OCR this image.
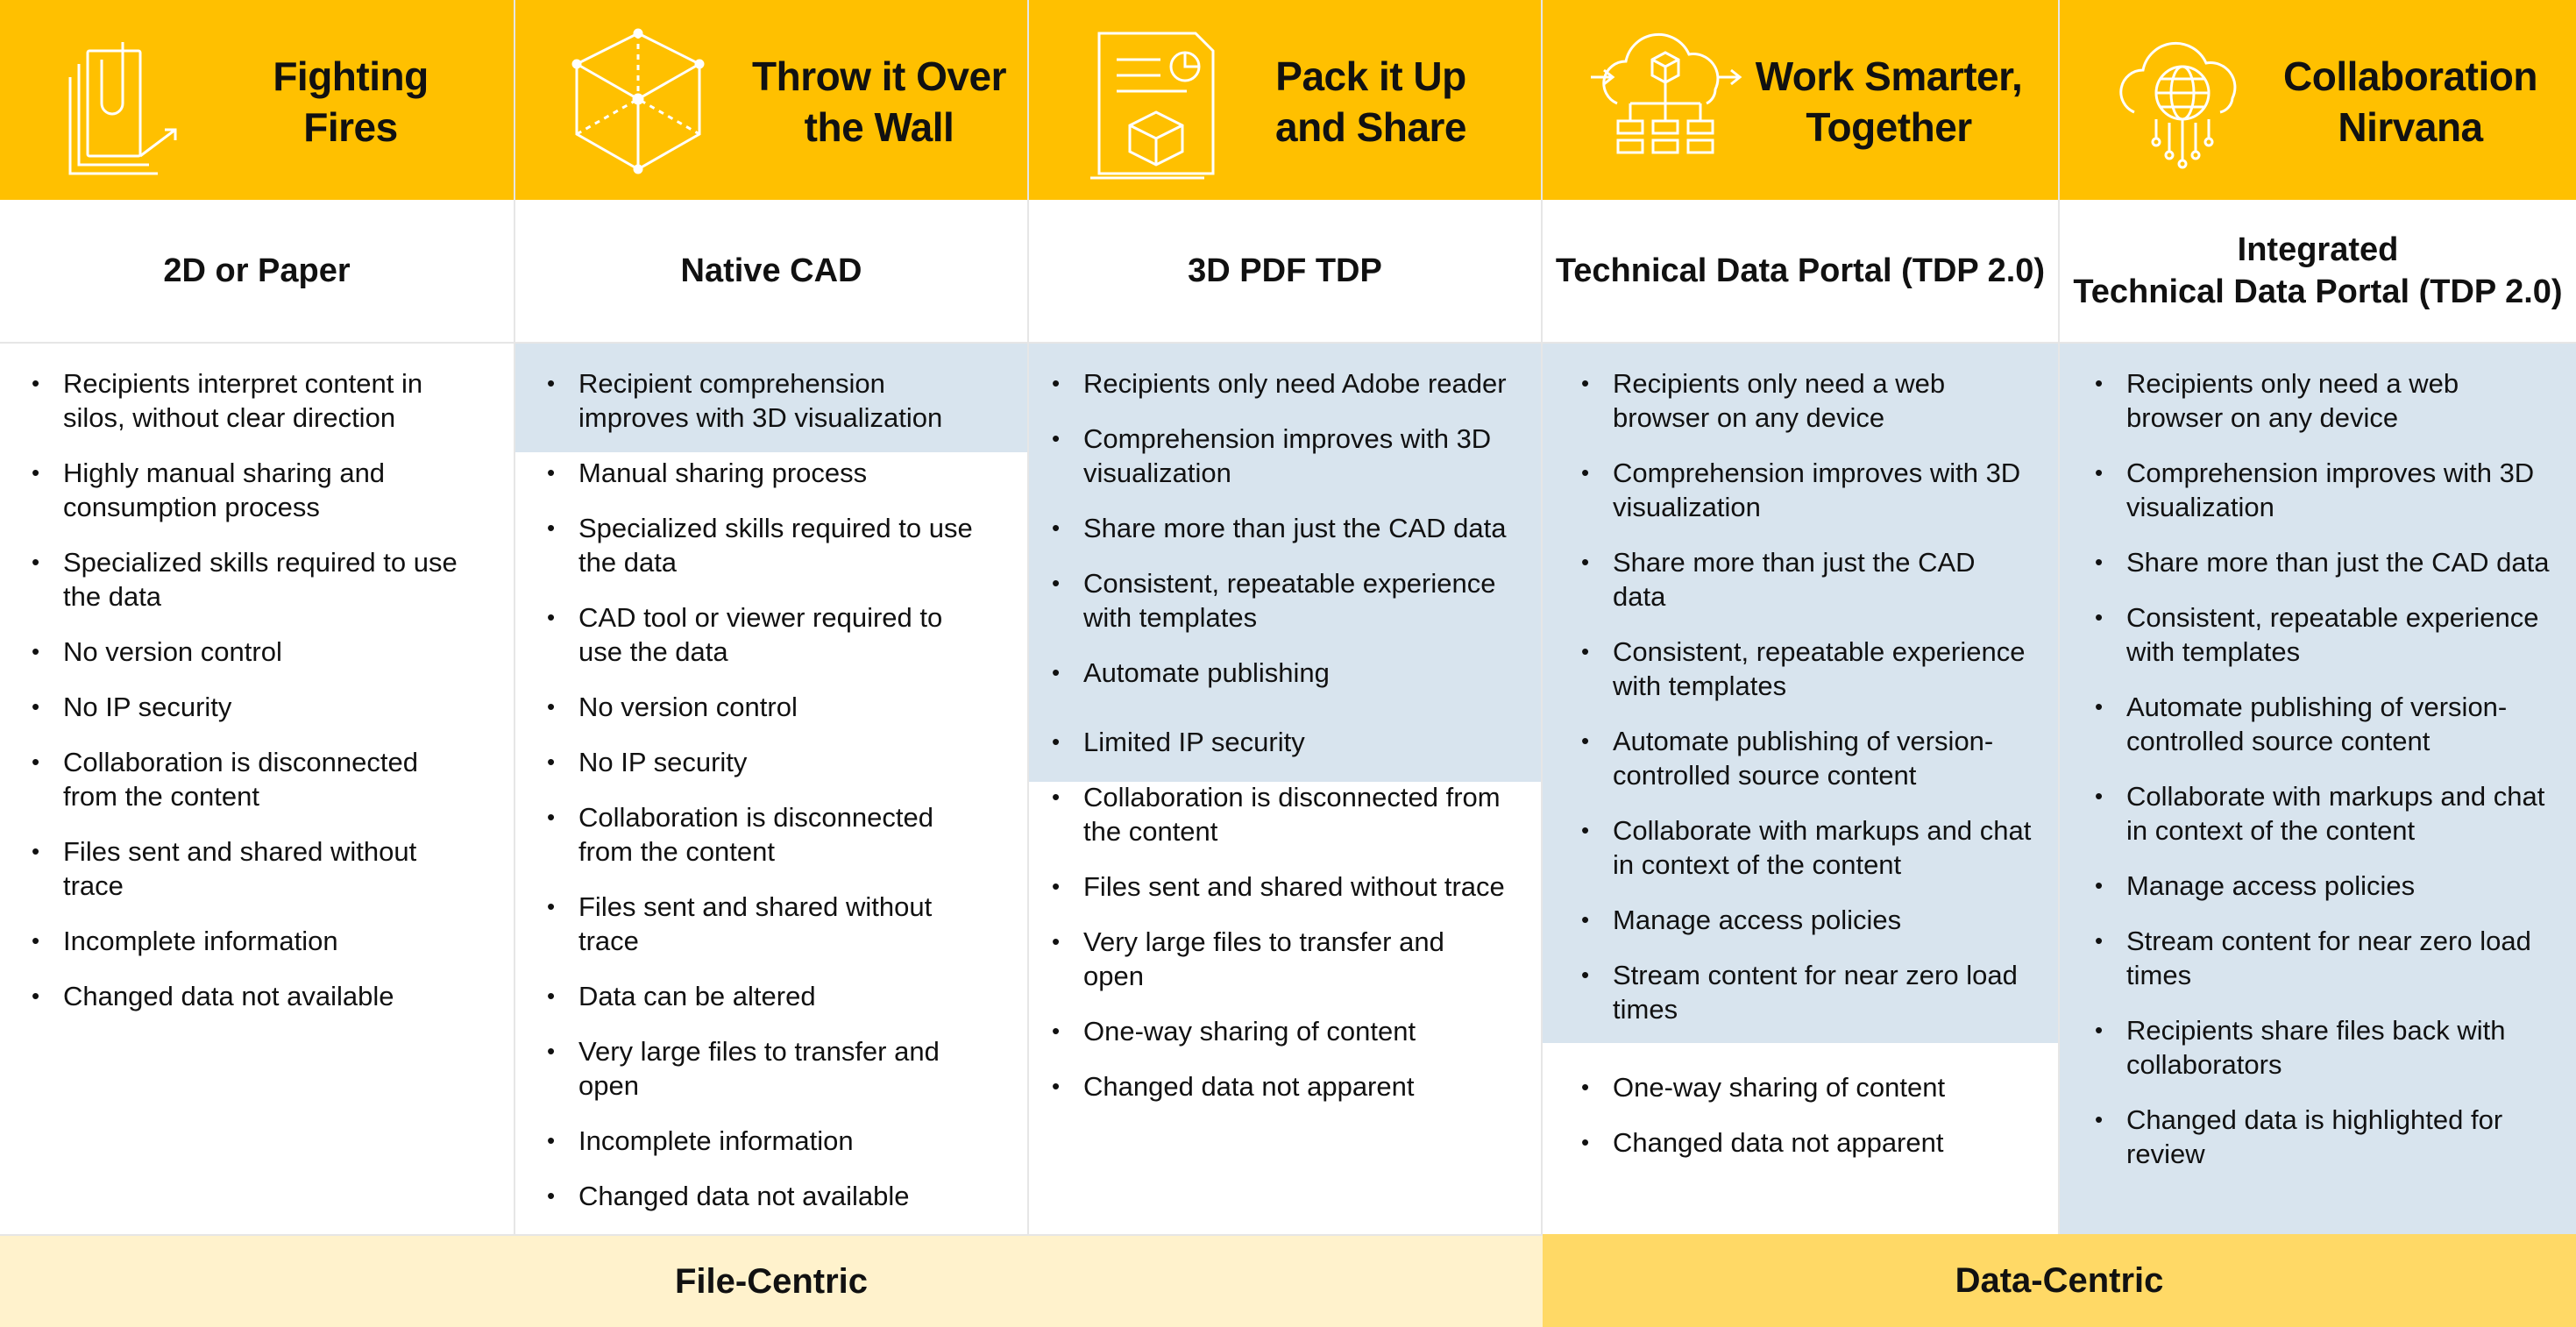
Fighting
Fires
2D or Paper
• Recipients interpret content in silos, without clear direction
• Highly manual sharing and consumption process
• Specialized skills required to use the data
• No version control
• No IP security
• Collaboration is disconnected from the content
• Files sent and shared without trace
• Incomplete information
• Changed data not available
Throw it Over
the Wall
Native CAD
• Recipient comprehension improves with 3D visualization
• Manual sharing process
• Specialized skills required to use the data
• CAD tool or viewer required to use the data
• No version control
• No IP security
• Collaboration is disconnected from the content
• Files sent and shared without trace
• Data can be altered
• Very large files to transfer and open
• Incomplete information
• Changed data not available
Pack it Up
and Share
3D PDF TDP
• Recipients only need Adobe reader
• Comprehension improves with 3D visualization
• Share more than just the CAD data
• Consistent, repeatable experience with templates
• Automate publishing
• Limited IP security
• Collaboration is disconnected from the content
• Files sent and shared without trace
• Very large files to transfer and open
• One-way sharing of content
• Changed data not apparent
Work Smarter,
Together
Technical Data Portal (TDP 2.0)
• Recipients only need a web browser on any device
• Comprehension improves with 3D visualization
• Share more than just the CAD data
• Consistent, repeatable experience with templates
• Automate publishing of version-controlled source content
• Collaborate with markups and chat in context of the content
• Manage access policies
• Stream content for near zero load times
• One-way sharing of content
• Changed data not apparent
Collaboration
Nirvana
Integrated
Technical Data Portal (TDP 2.0)
• Recipients only need a web browser on any device
• Comprehension improves with 3D visualization
• Share more than just the CAD data
• Consistent, repeatable experience with templates
• Automate publishing of version-controlled source content
• Collaborate with markups and chat in context of the content
• Manage access policies
• Stream content for near zero load times
• Recipients share files back with collaborators
• Changed data is highlighted for review
File-Centric	Data-Centric
